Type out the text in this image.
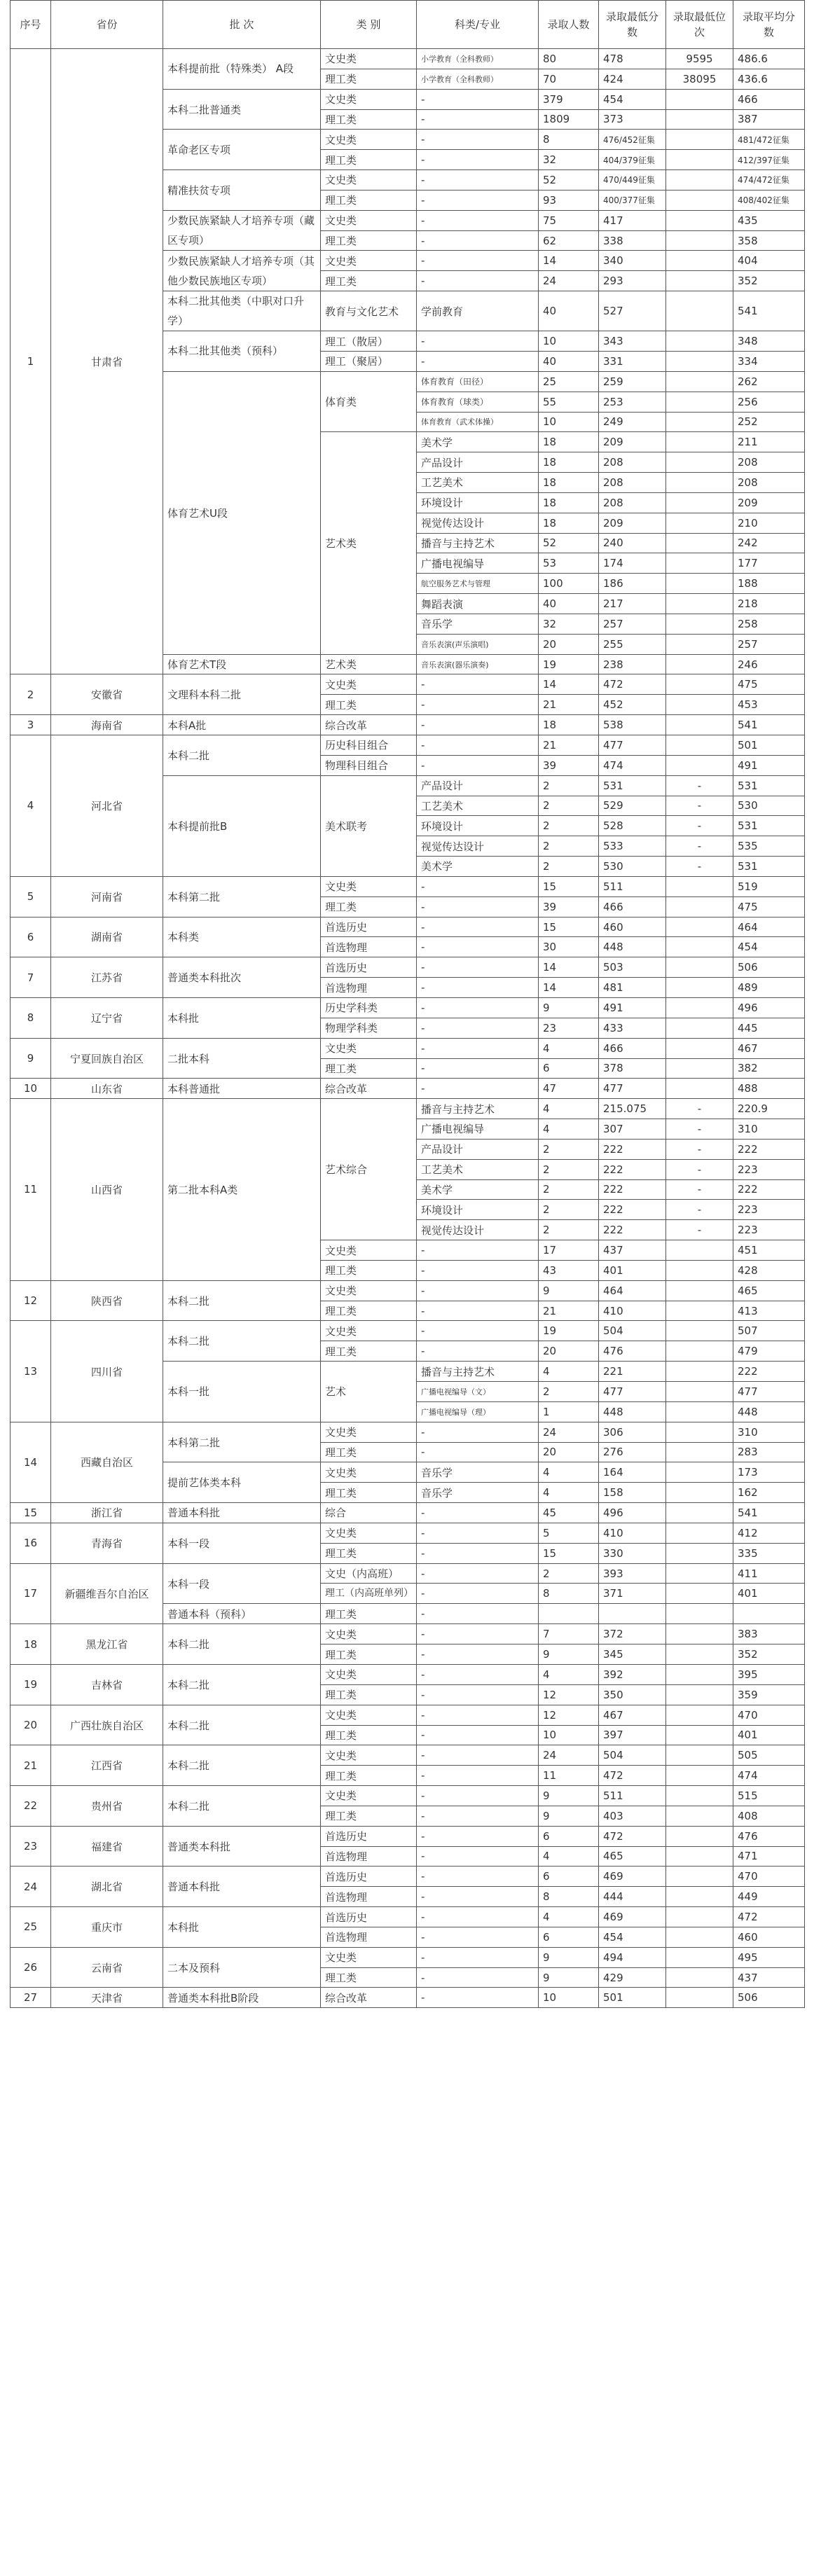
序号	省份	批 次	类 别	科类/专业	录取人数	录取最低分数	录取最低位次	录取平均分数
1	甘肃省	本科提前批（特殊类） A段	文史类	小学教育（全科教师）	80	478	9595	486.6
			理工类	小学教育（全科教师）	70	424	38095	436.6
		本科二批普通类	文史类	-	379	454		466
			理工类	-	1809	373		387
		革命老区专项	文史类	-	8	476/452征集		481/472征集
			理工类	-	32	404/379征集		412/397征集
		精准扶贫专项	文史类	-	52	470/449征集		474/472征集
			理工类	-	93	400/377征集		408/402征集
		少数民族紧缺人才培养专项（藏区专项）	文史类	-	75	417		435
			理工类	-	62	338		358
		少数民族紧缺人才培养专项（其他少数民族地区专项）	文史类	-	14	340		404
			理工类	-	24	293		352
		本科二批其他类（中职对口升学）	教育与文化艺术	学前教育	40	527		541
		本科二批其他类（预科）	理工（散居）	-	10	343		348
			理工（聚居）	-	40	331		334
		体育艺术U段	体育类	体育教育（田径）	25	259		262
				体育教育（球类）	55	253		256
				体育教育（武术体操）	10	249		252
			艺术类	美术学	18	209		211
				产品设计	18	208		208
				工艺美术	18	208		208
				环境设计	18	208		209
				视觉传达设计	18	209		210
				播音与主持艺术	52	240		242
				广播电视编导	53	174		177
				航空服务艺术与管理	100	186		188
				舞蹈表演	40	217		218
				音乐学	32	257		258
				音乐表演(声乐演唱)	20	255		257
		体育艺术T段	艺术类	音乐表演(器乐演奏)	19	238		246
2	安徽省	文理科本科二批	文史类	-	14	472		475
			理工类	-	21	452		453
3	海南省	本科A批	综合改革	-	18	538		541
4	河北省	本科二批	历史科目组合	-	21	477		501
			物理科目组合	-	39	474		491
		本科提前批B	美术联考	产品设计	2	531	-	531
				工艺美术	2	529	-	530
				环境设计	2	528	-	531
				视觉传达设计	2	533	-	535
				美术学	2	530	-	531
5	河南省	本科第二批	文史类	-	15	511		519
			理工类	-	39	466		475
6	湖南省	本科类	首选历史	-	15	460		464
			首选物理	-	30	448		454
7	江苏省	普通类本科批次	首选历史	-	14	503		506
			首选物理	-	14	481		489
8	辽宁省	本科批	历史学科类	-	9	491		496
			物理学科类	-	23	433		445
9	宁夏回族自治区	二批本科	文史类	-	4	466		467
			理工类	-	6	378		382
10	山东省	本科普通批	综合改革	-	47	477		488
11	山西省	第二批本科A类	艺术综合	播音与主持艺术	4	215.075	-	220.9
				广播电视编导	4	307	-	310
				产品设计	2	222	-	222
				工艺美术	2	222	-	223
				美术学	2	222	-	222
				环境设计	2	222	-	223
				视觉传达设计	2	222	-	223
			文史类	-	17	437		451
			理工类	-	43	401		428
12	陕西省	本科二批	文史类	-	9	464		465
			理工类	-	21	410		413
13	四川省	本科二批	文史类	-	19	504		507
			理工类	-	20	476		479
		本科一批	艺术	播音与主持艺术	4	221		222
				广播电视编导（文）	2	477		477
				广播电视编导（理）	1	448		448
14	西藏自治区	本科第二批	文史类	-	24	306		310
			理工类	-	20	276		283
		提前艺体类本科	文史类	音乐学	4	164		173
			理工类	音乐学	4	158		162
15	浙江省	普通本科批	综合	-	45	496		541
16	青海省	本科一段	文史类	-	5	410		412
			理工类	-	15	330		335
17	新疆维吾尔自治区	本科一段	文史（内高班）	-	2	393		411
			理工（内高班单列）	-	8	371		401
		普通本科（预科）	理工类	-				
18	黑龙江省	本科二批	文史类	-	7	372		383
			理工类	-	9	345		352
19	吉林省	本科二批	文史类	-	4	392		395
			理工类	-	12	350		359
20	广西壮族自治区	本科二批	文史类	-	12	467		470
			理工类	-	10	397		401
21	江西省	本科二批	文史类	-	24	504		505
			理工类	-	11	472		474
22	贵州省	本科二批	文史类	-	9	511		515
			理工类	-	9	403		408
23	福建省	普通类本科批	首选历史	-	6	472		476
			首选物理	-	4	465		471
24	湖北省	普通本科批	首选历史	-	6	469		470
			首选物理	-	8	444		449
25	重庆市	本科批	首选历史	-	4	469		472
			首选物理	-	6	454		460
26	云南省	二本及预科	文史类	-	9	494		495
			理工类	-	9	429		437
27	天津省	普通类本科批B阶段	综合改革	-	10	501		506
